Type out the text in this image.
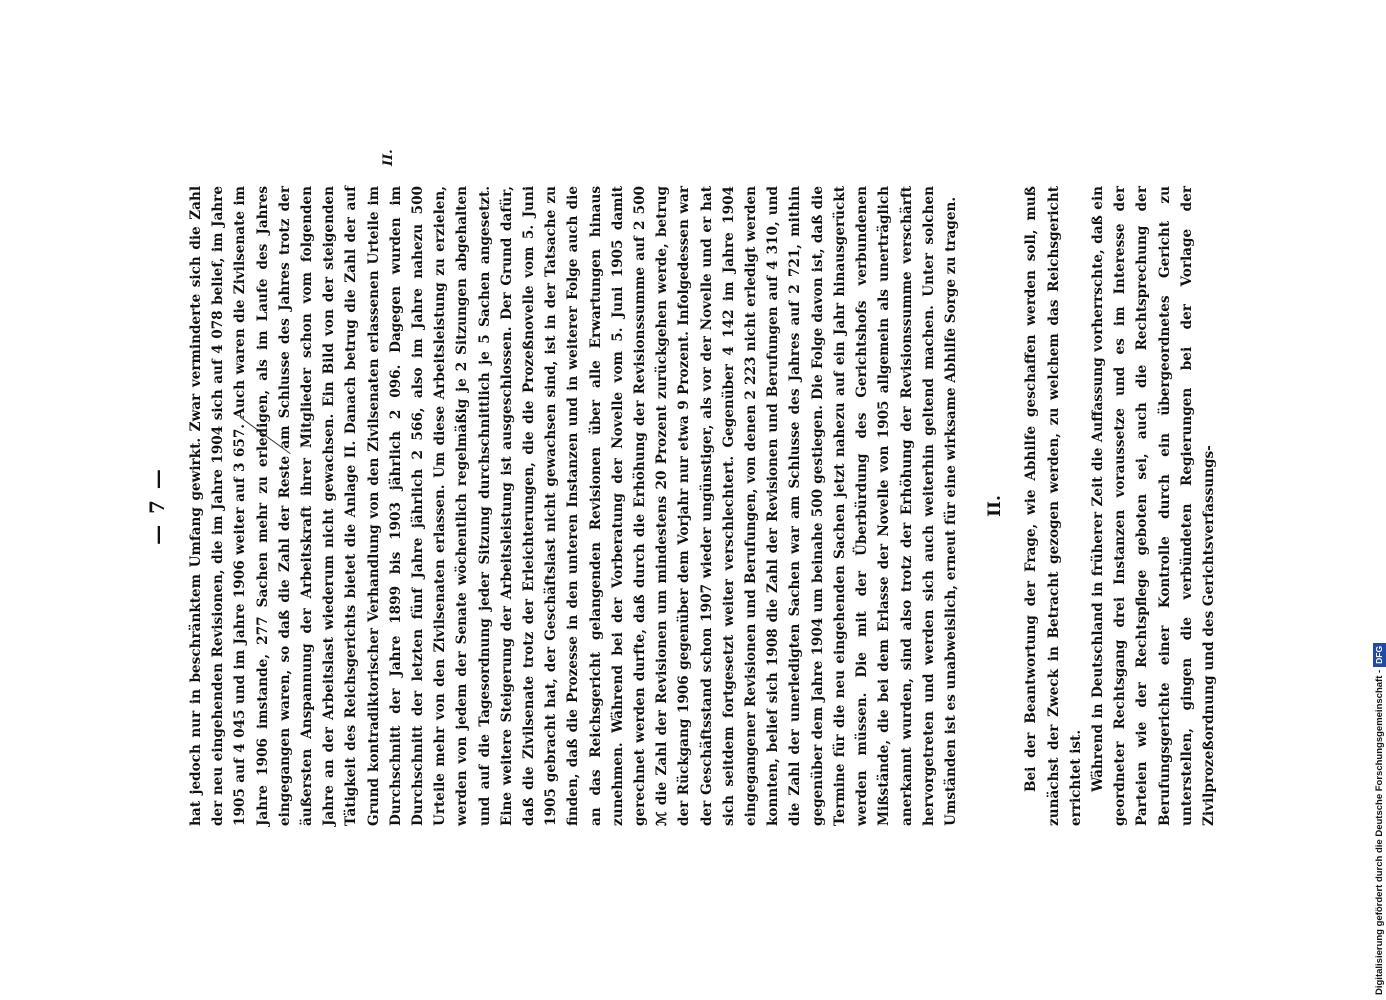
— 7 —
II.

hat jedoch nur in beschränktem Umfang gewirkt. Zwar verminderte sich die Zahl der neu eingehenden Revisionen, die im Jahre 1904 sich auf 4 078 belief, im Jahre 1905 auf 4 045 und im Jahre 1906 weiter auf 3 657. Auch waren die Zivilsenate im Jahre 1906 imstande, 277 Sachen mehr zu erledigen, als im Laufe des Jahres eingegangen waren, so daß die Zahl der Reste am Schlusse des Jahres trotz der äußersten Anspannung der Arbeitskraft ihrer Mitglieder schon vom folgenden Jahre an der Arbeitslast wiederum nicht gewachsen. Ein Bild von der steigenden Tätigkeit des Reichsgerichts bietet die Anlage II. Danach betrug die Zahl der auf Grund kontradiktorischer Verhandlung von den Zivilsenaten erlassenen Urteile im Durchschnitt der Jahre 1899 bis 1903 jährlich 2 096. Dagegen wurden im Durchschnitt der letzten fünf Jahre jährlich 2 566, also im Jahre nahezu 500 Urteile mehr von den Zivilsenaten erlassen. Um diese Arbeitsleistung zu erzielen, werden von jedem der Senate wöchentlich regelmäßig je 2 Sitzungen abgehalten und auf die Tagesordnung jeder Sitzung durchschnittlich je 5 Sachen angesetzt. Eine weitere Steigerung der Arbeitsleistung ist ausgeschlossen. Der Grund dafür, daß die Zivilsenate trotz der Erleichterungen, die die Prozeßnovelle vom 5. Juni 1905 gebracht hat, der Geschäftslast nicht gewachsen sind, ist in der Tatsache zu finden, daß die Prozesse in den unteren Instanzen und in weiterer Folge auch die an das Reichsgericht gelangenden Revisionen über alle Erwartungen hinaus zunehmen. Während bei der Vorberatung der Novelle vom 5. Juni 1905 damit gerechnet werden durfte, daß durch die Erhöhung der Revisionssumme auf 2 500 ℳ die Zahl der Revisionen um mindestens 20 Prozent zurückgehen werde, betrug der Rückgang 1906 gegenüber dem Vorjahr nur etwa 9 Prozent. Infolgedessen war der Geschäftsstand schon 1907 wieder ungünstiger, als vor der Novelle und er hat sich seitdem fortgesetzt weiter verschlechtert. Gegenüber 4 142 im Jahre 1904 eingegangener Revisionen und Berufungen, von denen 2 223 nicht erledigt werden konnten, belief sich 1908 die Zahl der Revisionen und Berufungen auf 4 310, und die Zahl der unerledigten Sachen war am Schlusse des Jahres auf 2 721, mithin gegenüber dem Jahre 1904 um beinahe 500 gestiegen. Die Folge davon ist, daß die Termine für die neu eingehenden Sachen jetzt nahezu auf ein Jahr hinausgerückt werden müssen. Die mit der Überbürdung des Gerichtshofs verbundenen Mißstände, die bei dem Erlasse der Novelle von 1905 allgemein als unerträglich anerkannt wurden, sind also trotz der Erhöhung der Revisionssumme verschärft hervorgetreten und werden sich auch weiterhin geltend machen. Unter solchen Umständen ist es unabweislich, erneut für eine wirksame Abhilfe Sorge zu tragen. II. Bei der Beantwortung der Frage, wie Abhilfe geschaffen werden soll, muß zunächst der Zweck in Betracht gezogen werden, zu welchem das Reichsgericht errichtet ist. Während in Deutschland in früherer Zeit die Auffassung vorherrschte, daß ein geordneter Rechtsgang drei Instanzen voraussetze und es im Interesse der Parteien wie der Rechtspflege geboten sei, auch die Rechtsprechung der Berufungsgerichte einer Kontrolle durch ein übergeordnetes Gericht zu unterstellen, gingen die verbündeten Regierungen bei der Vorlage der Zivilprozeßordnung und des Gerichtsverfassungs-

Digitalisierung gefördert durch die Deutsche Forschungsgemeinschaft -
DFG
